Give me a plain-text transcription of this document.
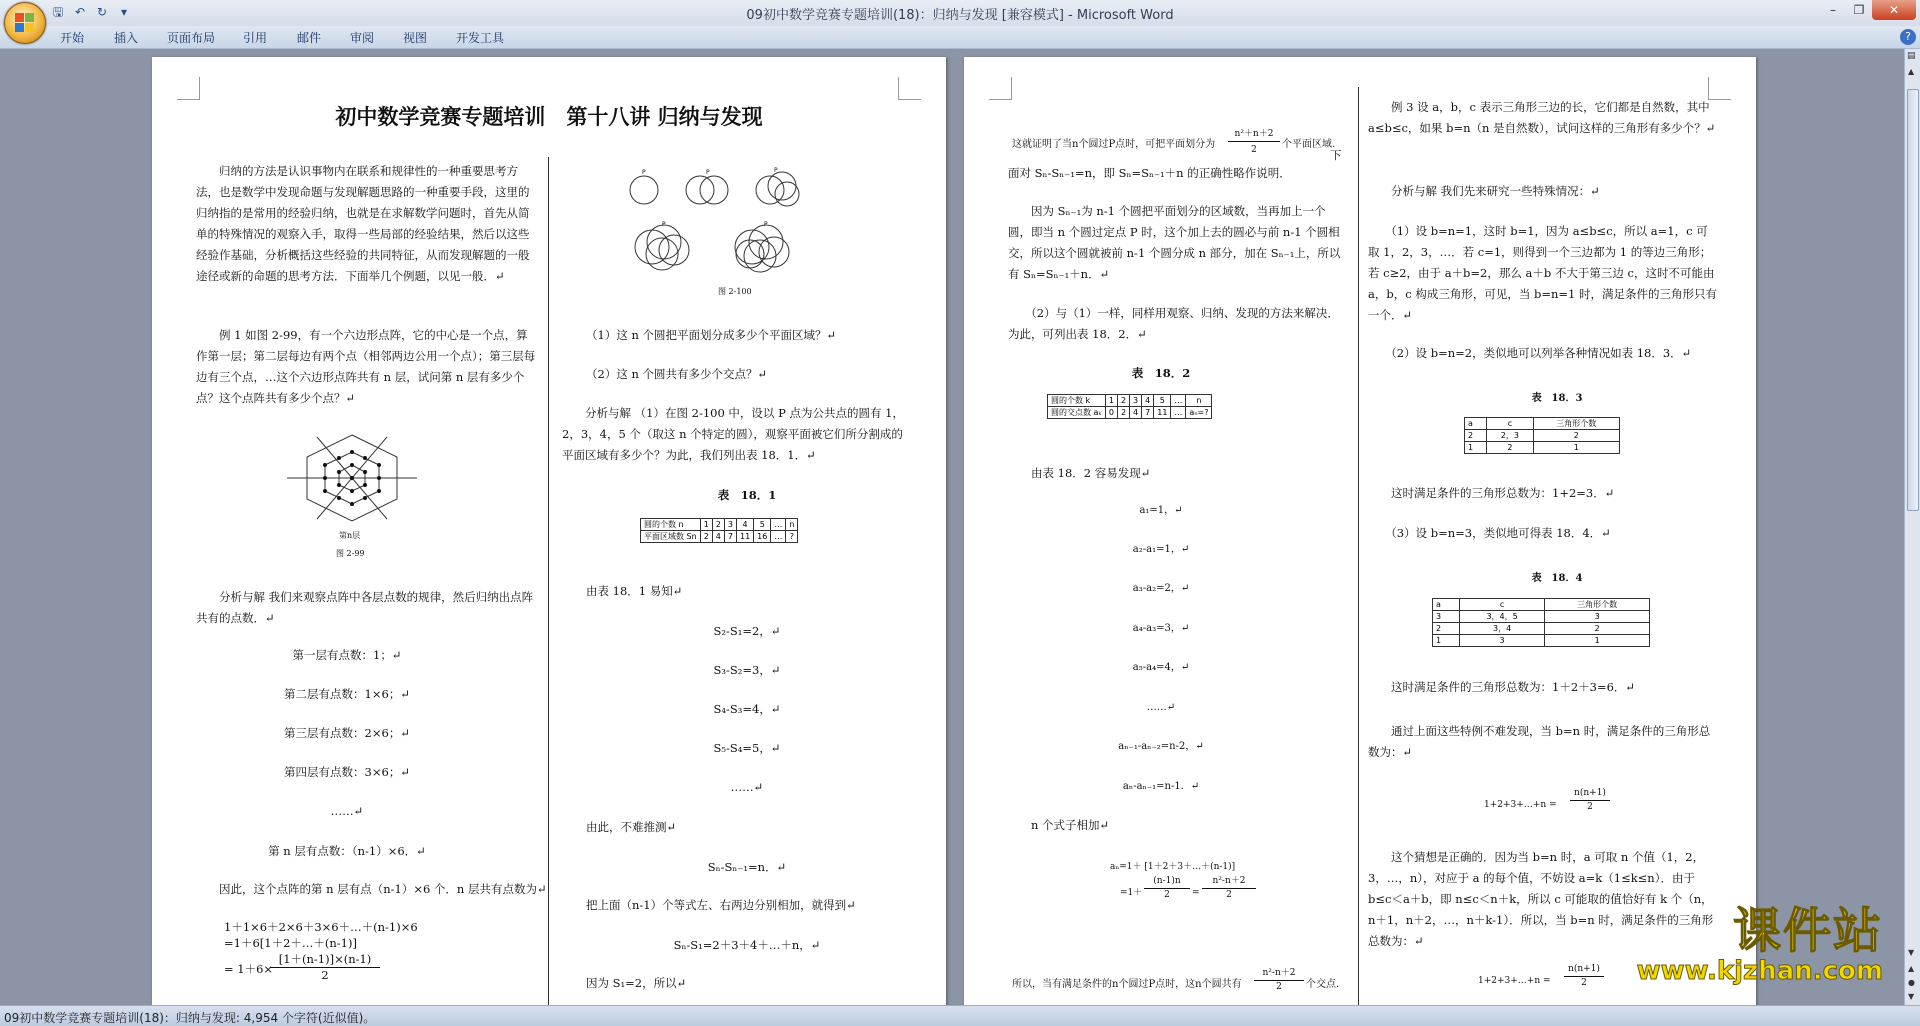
🖫 ↶ ↻	▾	09初中数学竞赛专题培训(18)：归纳与发现 [兼容模式] - Microsoft Word	–	❐	✕
开始 插入 页面布局 引用 邮件 审阅 视图 开发工具	?
初中数学竞赛专题培训　第十八讲 归纳与发现
　　归纳的方法是认识事物内在联系和规律性的一种重要思考方法，也是数学中发现命题与发现解题思路的一种重要手段，这里的归纳指的是常用的经验归纳，也就是在求解数学问题时，首先从简单的特殊情况的观察入手，取得一些局部的经验结果，然后以这些经验作基础，分析概括这些经验的共同特征，从而发现解题的一般途径或新的命题的思考方法．下面举几个例题，以见一般．↵
　　例 1 如图 2-99，有一个六边形点阵，它的中心是一个点，算作第一层；第二层每边有两个点（相邻两边公用一个点）；第三层每边有三个点，…这个六边形点阵共有 n 层，试问第 n 层有多少个点？这个点阵共有多少个点？↵
第n层
图 2-99
　　分析与解 我们来观察点阵中各层点数的规律，然后归纳出点阵共有的点数．↵
第一层有点数：1；↵
第二层有点数：1×6；↵
第三层有点数：2×6；↵
第四层有点数：3×6；↵
……↵
第 n 层有点数：（n-1）×6．↵
　　因此，这个点阵的第 n 层有点（n-1）×6 个．n 层共有点数为↵
1＋1×6＋2×6＋3×6＋…＋(n-1)×6
=1＋6[1＋2＋…＋(n-1)]
= 1＋6×
[1＋(n-1)]×(n-1)
2
P	P	P
P	P
图 2-100
（1）这 n 个圆把平面划分成多少个平面区域？↵
（2）这 n 个圆共有多少个交点？↵
　　分析与解 （1）在图 2-100 中，设以 P 点为公共点的圆有 1，2，3，4，5 个（取这 n 个特定的圆），观察平面被它们所分割成的平面区域有多少个？为此，我们列出表 18．1．↵
表　18．1
圆的个数 n	1	2	3	4	5	…	n
平面区域数 Sn	2	4	7	11	16	…	?
由表 18．1 易知↵
S₂-S₁=2，↵
S₃-S₂=3，↵
S₄-S₃=4，↵
S₅-S₄=5，↵
……↵
由此，不难推测↵
Sₙ-Sₙ₋₁=n．↵
把上面（n-1）个等式左、右两边分别相加，就得到↵
Sₙ-S₁=2＋3＋4＋…＋n，↵
因为 S₁=2，所以↵
这就证明了当n个圆过P点时，可把平面划分为
n²＋n＋2
2	个平面区域.
下
面对 Sₙ-Sₙ₋₁=n，即 Sₙ=Sₙ₋₁＋n 的正确性略作说明．
　　因为 Sₙ₋₁为 n-1 个圆把平面划分的区域数，当再加上一个圆，即当 n 个圆过定点 P 时，这个加上去的圆必与前 n-1 个圆相交，所以这个圆就被前 n-1 个圆分成 n 部分，加在 Sₙ₋₁上，所以有 Sₙ=Sₙ₋₁＋n．↵
　　（2）与（1）一样，同样用观察、归纳、发现的方法来解决．为此，可列出表 18．2．↵
表　18．2
圆的个数 k	1	2	3	4	5	…	n
圆的交点数 aₖ	0	2	4	7	11	…	aₙ=?
　　由表 18．2 容易发现↵
a₁=1，↵
a₂-a₁=1，↵
a₃-a₂=2，↵
a₄-a₃=3，↵
a₅-a₄=4，↵
……↵
aₙ₋₁-aₙ₋₂=n-2，↵
aₙ-aₙ₋₁=n-1．↵
　　n 个式子相加↵
aₙ=1＋ [1＋2＋3＋…＋(n-1)]
=1＋
(n-1)n
2	=
n²-n＋2
2
所以，当有满足条件的n个圆过P点时，这n个圆共有
n²-n＋2
2	个交点.
　　例 3 设 a，b，c 表示三角形三边的长，它们都是自然数，其中 a≤b≤c，如果 b=n（n 是自然数），试问这样的三角形有多少个？↵
　　分析与解 我们先来研究一些特殊情况：↵
　　（1）设 b=n=1，这时 b=1，因为 a≤b≤c，所以 a=1，c 可取 1，2，3，…．若 c=1，则得到一个三边都为 1 的等边三角形；若 c≥2，由于 a＋b=2，那么 a＋b 不大于第三边 c，这时不可能由 a，b，c 构成三角形，可见，当 b=n=1 时，满足条件的三角形只有一个．↵
　　（2）设 b=n=2，类似地可以列举各种情况如表 18．3．↵
表　18．3
a	c	三角形个数
2	2，3	2
1	2	1
　　这时满足条件的三角形总数为：1+2=3．↵
　　（3）设 b=n=3，类似地可得表 18．4．↵
表　18．4
a	c	三角形个数
3	3，4，5	3
2	3，4	2
1	3	1
　　这时满足条件的三角形总数为：1＋2＋3=6．↵
　　通过上面这些特例不难发现，当 b=n 时，满足条件的三角形总数为：↵
1+2+3+…+n =
n(n+1)
2
　　这个猜想是正确的．因为当 b=n 时，a 可取 n 个值（1，2，3，…，n），对应于 a 的每个值，不妨设 a=k（1≤k≤n）．由于 b≤c＜a＋b，即 n≤c＜n＋k，所以 c 可能取的值恰好有 k 个（n，n＋1，n＋2，…，n＋k-1）．所以，当 b=n 时，满足条件的三角形总数为：↵
1+2+3+…+n =
n(n+1)
2
课件站
www.kjzhan.com
▤
▲
▼
▲
●
▼
09初中数学竞赛专题培训(18)：归纳与发现: 4,954 个字符(近似值)。
